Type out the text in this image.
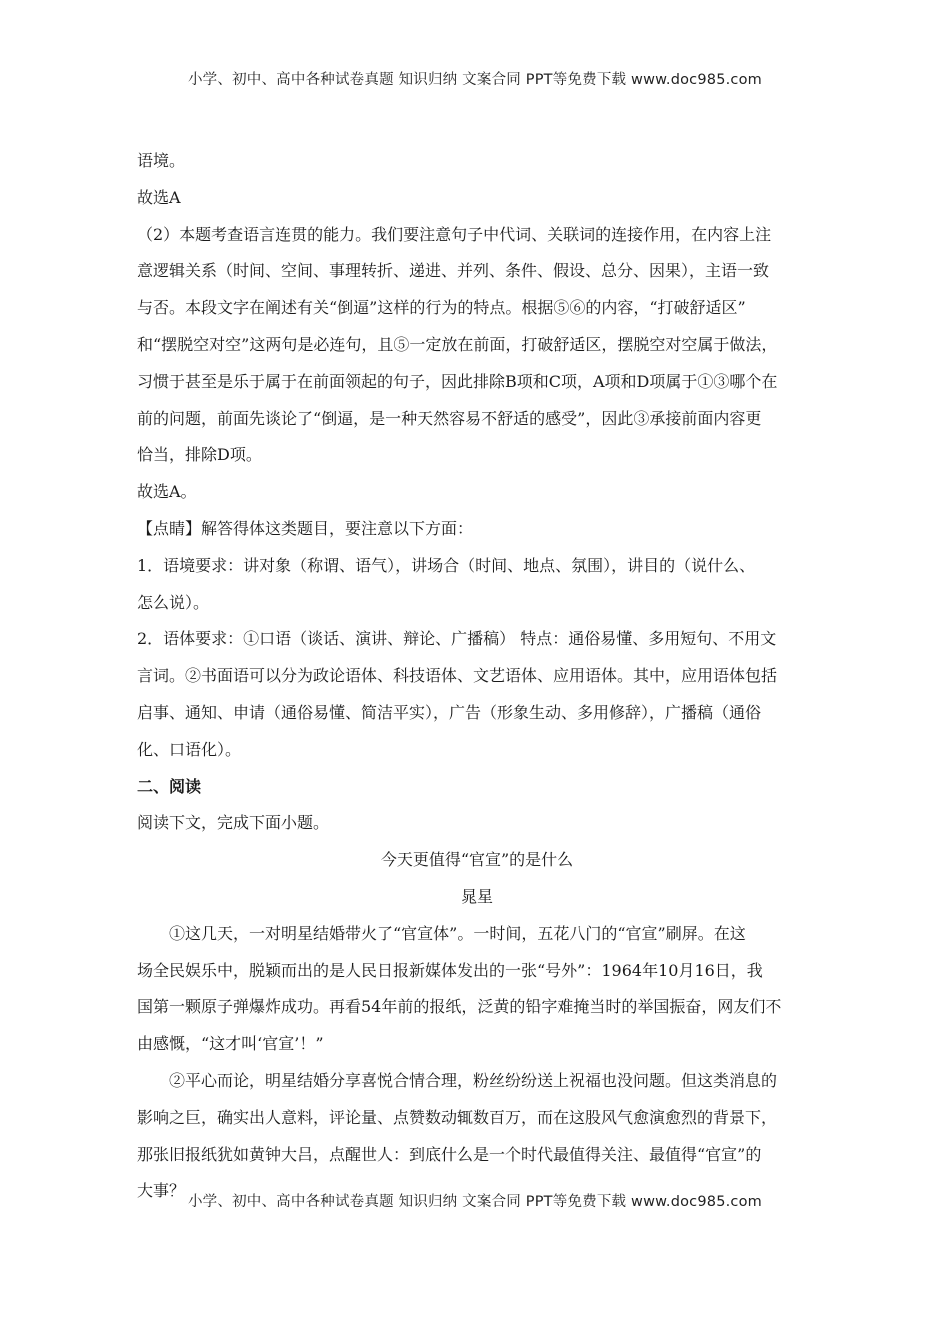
小学、初中、高中各种试卷真题 知识归纳 文案合同 PPT等免费下载 www.doc985.com
语境。
故选A
（2）本题考查语言连贯的能力。我们要注意句子中代词、关联词的连接作用，在内容上注
意逻辑关系（时间、空间、事理转折、递进、并列、条件、假设、总分、因果），主语一致
与否。本段文字在阐述有关“倒逼”这样的行为的特点。根据⑤⑥的内容，“打破舒适区”
和“摆脱空对空”这两句是必连句，且⑤一定放在前面，打破舒适区，摆脱空对空属于做法，
习惯于甚至是乐于属于在前面领起的句子，因此排除B项和C项，A项和D项属于①③哪个在
前的问题，前面先谈论了“倒逼，是一种天然容易不舒适的感受”，因此③承接前面内容更
恰当，排除D项。
故选A。
【点睛】解答得体这类题目，要注意以下方面：
1．语境要求：讲对象（称谓、语气），讲场合（时间、地点、氛围），讲目的（说什么、
怎么说）。
2．语体要求：①口语（谈话、演讲、辩论、广播稿） 特点：通俗易懂、多用短句、不用文
言词。②书面语可以分为政论语体、科技语体、文艺语体、应用语体。其中，应用语体包括
启事、通知、申请（通俗易懂、简洁平实），广告（形象生动、多用修辞），广播稿（通俗
化、口语化）。
二、阅读
阅读下文，完成下面小题。
今天更值得“官宣”的是什么
晁星
①这几天，一对明星结婚带火了“官宣体”。一时间，五花八门的“官宣”刷屏。在这
场全民娱乐中，脱颖而出的是人民日报新媒体发出的一张“号外”：1964年10月16日，我
国第一颗原子弹爆炸成功。再看54年前的报纸，泛黄的铅字难掩当时的举国振奋，网友们不
由感慨，“这才叫‘官宣’！”
②平心而论，明星结婚分享喜悦合情合理，粉丝纷纷送上祝福也没问题。但这类消息的
影响之巨，确实出人意料，评论量、点赞数动辄数百万，而在这股风气愈演愈烈的背景下，
那张旧报纸犹如黄钟大吕，点醒世人：到底什么是一个时代最值得关注、最值得“官宣”的
大事？
小学、初中、高中各种试卷真题 知识归纳 文案合同 PPT等免费下载 www.doc985.com
